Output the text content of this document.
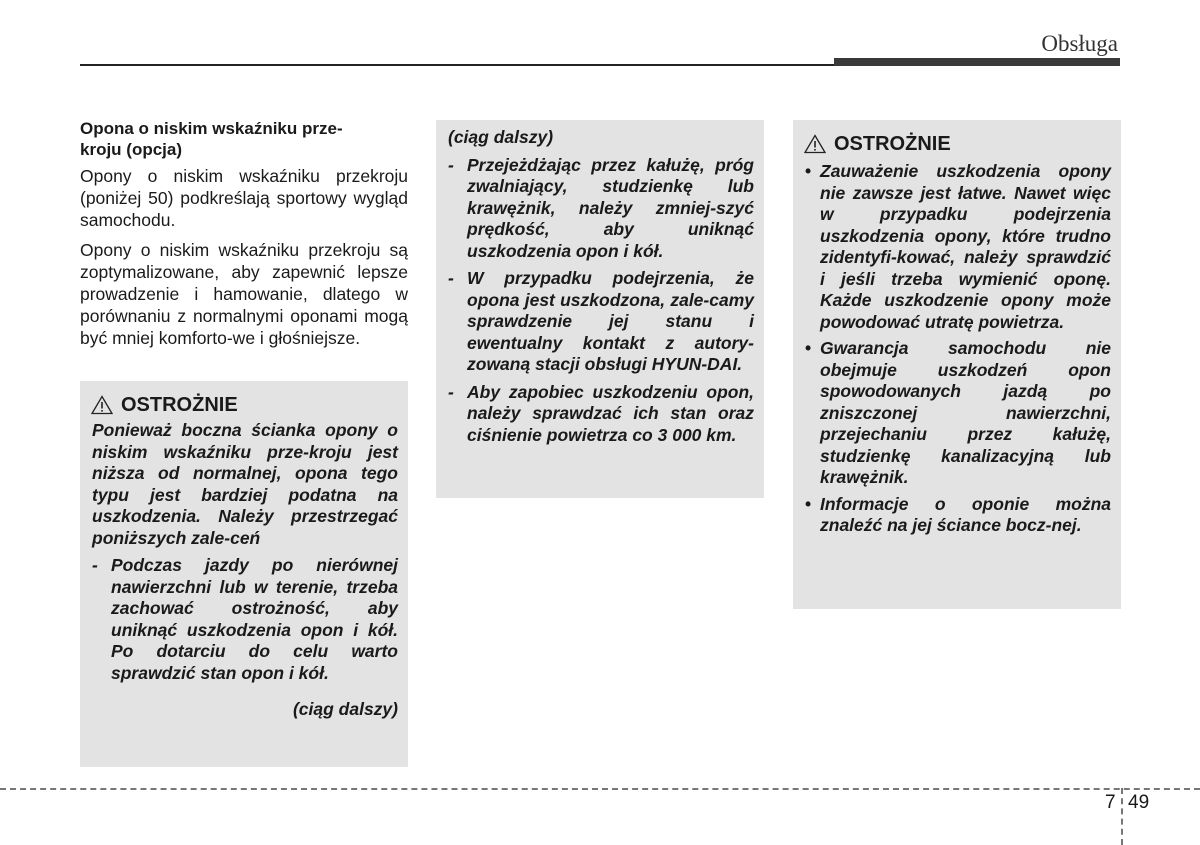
Obsługa
Opona o niskim wskaźniku prze-
kroju (opcja)

Opony o niskim wskaźniku przekroju (poniżej 50) podkreślają sportowy wygląd samochodu.

Opony o niskim wskaźniku przekroju są zoptymalizowane, aby zapewnić lepsze prowadzenie i hamowanie, dlatego w porównaniu z normalnymi oponami mogą być mniej komforto-we i głośniejsze.

OSTROŻNIE

Ponieważ boczna ścianka opony o niskim wskaźniku prze-kroju jest niższa od normalnej, opona tego typu jest bardziej podatna na uszkodzenia. Należy przestrzegać poniższych zale-ceń

- Podczas jazdy po nierównej nawierzchni lub w terenie, trzeba zachować ostrożność, aby uniknąć uszkodzenia opon i kół. Po dotarciu do celu warto sprawdzić stan opon i kół.

(ciąg dalszy)

(ciąg dalszy)

- Przejeżdżając przez kałużę, próg zwalniający, studzienkę lub krawężnik, należy zmniej-szyć prędkość, aby uniknąć uszkodzenia opon i kół.
- W przypadku podejrzenia, że opona jest uszkodzona, zale-camy sprawdzenie jej stanu i ewentualny kontakt z autory-zowaną stacji obsługi HYUN-DAI.
- Aby zapobiec uszkodzeniu opon, należy sprawdzać ich stan oraz ciśnienie powietrza co 3 000 km.
OSTROŻNIE
• Zauważenie uszkodzenia opony nie zawsze jest łatwe. Nawet więc w przypadku podejrzenia uszkodzenia opony, które trudno zidentyfi-kować, należy sprawdzić i jeśli trzeba wymienić oponę. Każde uszkodzenie opony może powodować utratę powietrza.
• Gwarancja samochodu nie obejmuje uszkodzeń opon spowodowanych jazdą po zniszczonej nawierzchni, przejechaniu przez kałużę, studzienkę kanalizacyjną lub krawężnik.
• Informacje o oponie można znaleźć na jej ściance bocz-nej.
7 49
